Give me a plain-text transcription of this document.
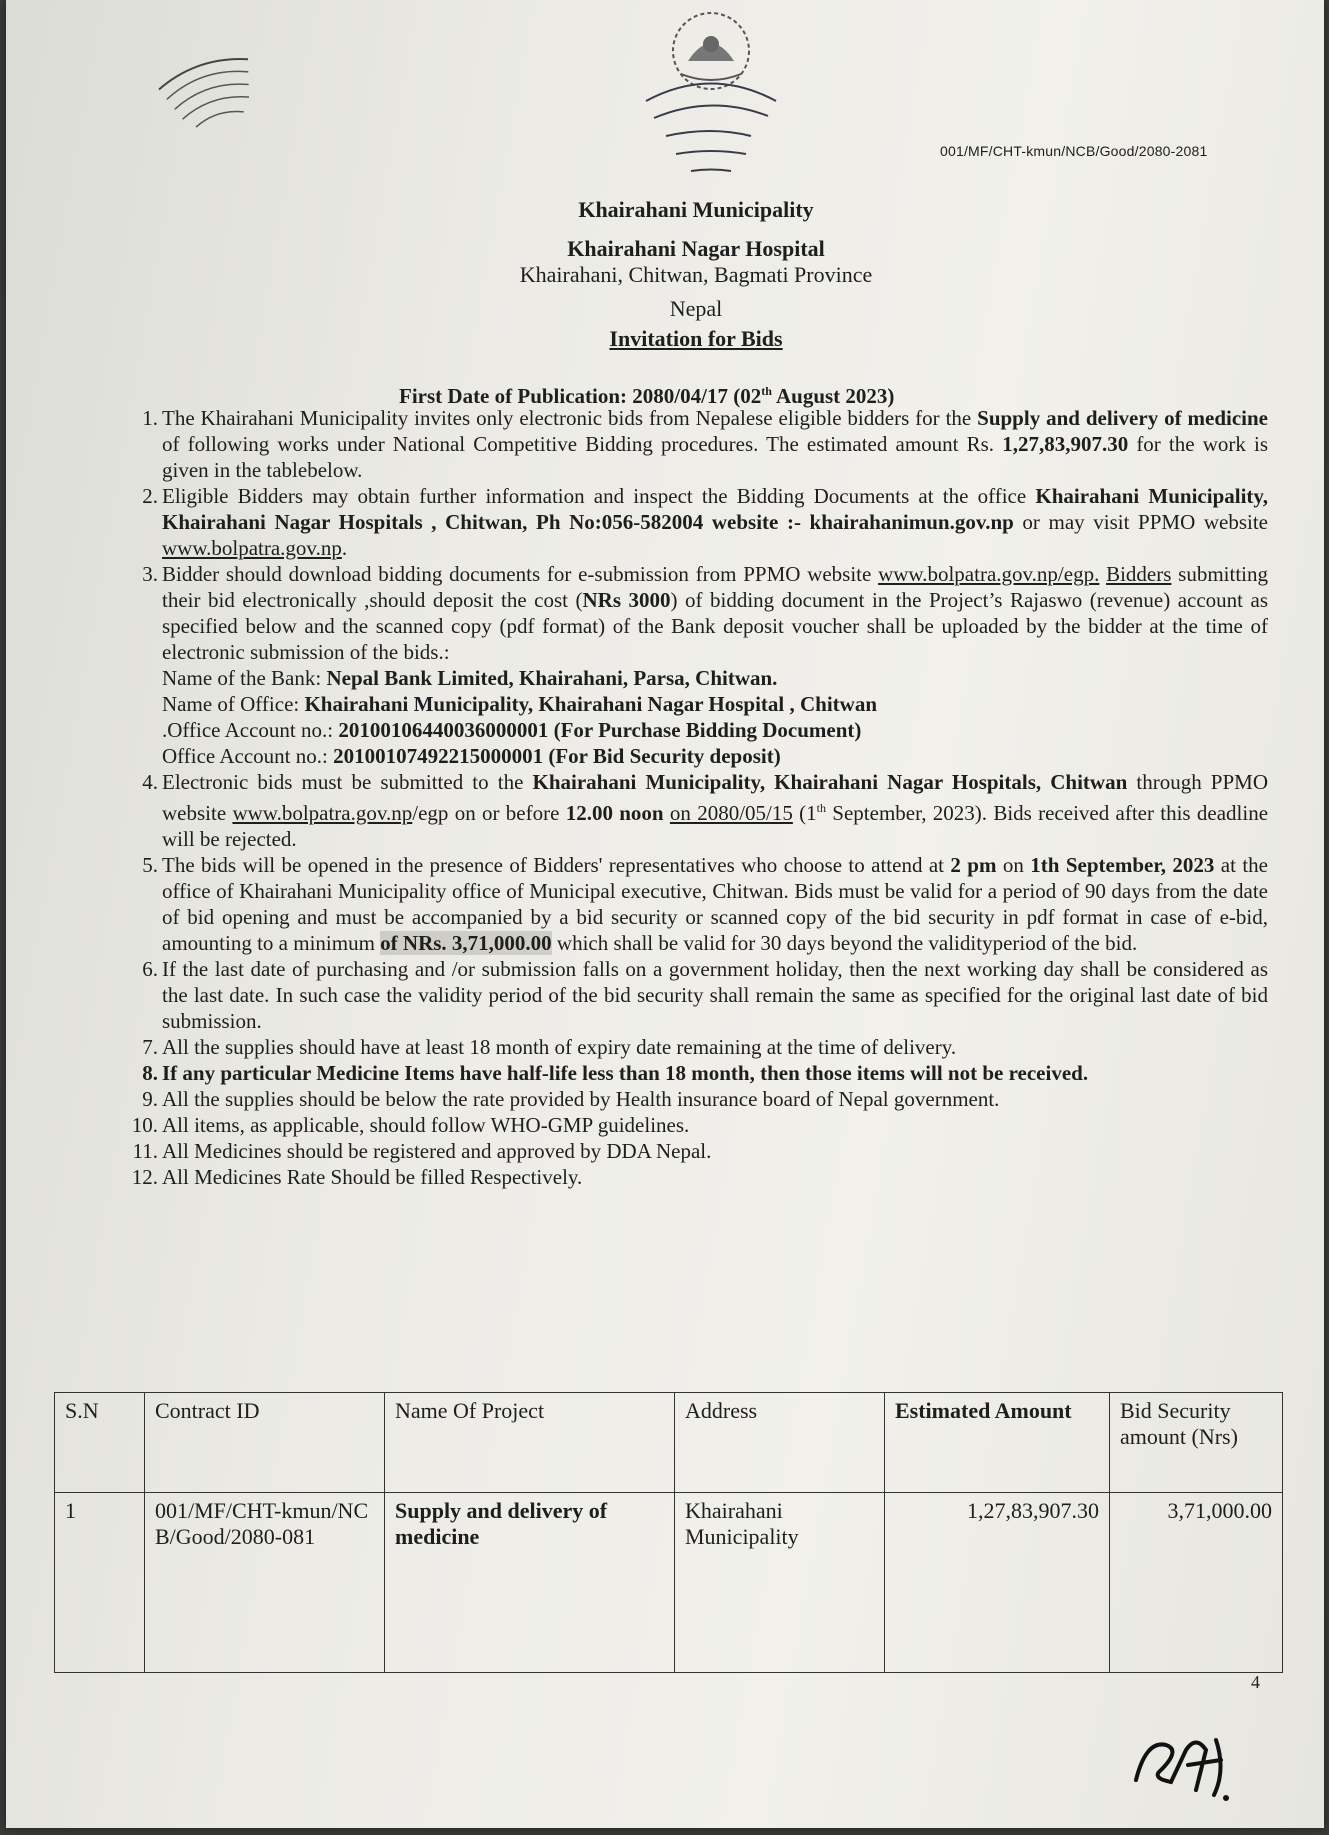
001/MF/CHT-kmun/NCB/Good/2080-2081
Khairahani Municipality
Khairahani Nagar Hospital
Khairahani, Chitwan, Bagmati Province
Nepal
Invitation for Bids
First Date of Publication: 2080/04/17 (02th August 2023)
1. The Khairahani Municipality invites only electronic bids from Nepalese eligible bidders for the Supply and delivery of medicine of following works under National Competitive Bidding procedures. The estimated amount Rs. 1,27,83,907.30 for the work is given in the tablebelow.
2. Eligible Bidders may obtain further information and inspect the Bidding Documents at the office Khairahani Municipality, Khairahani Nagar Hospitals , Chitwan, Ph No:056-582004 website :- khairahanimun.gov.np or may visit PPMO website www.bolpatra.gov.np.
3. Bidder should download bidding documents for e-submission from PPMO website www.bolpatra.gov.np/egp. Bidders submitting their bid electronically ,should deposit the cost (NRs 3000) of bidding document in the Project’s Rajaswo (revenue) account as specified below and the scanned copy (pdf format) of the Bank deposit voucher shall be uploaded by the bidder at the time of electronic submission of the bids.:
Name of the Bank: Nepal Bank Limited, Khairahani, Parsa, Chitwan.
Name of Office: Khairahani Municipality, Khairahani Nagar Hospital , Chitwan
.Office Account no.: 20100106440036000001 (For Purchase Bidding Document)
Office Account no.: 20100107492215000001 (For Bid Security deposit)
4. Electronic bids must be submitted to the Khairahani Municipality, Khairahani Nagar Hospitals, Chitwan through PPMO website www.bolpatra.gov.np/egp on or before 12.00 noon on 2080/05/15 (1th September, 2023). Bids received after this deadline will be rejected.
5. The bids will be opened in the presence of Bidders' representatives who choose to attend at 2 pm on 1th September, 2023 at the office of Khairahani Municipality office of Municipal executive, Chitwan. Bids must be valid for a period of 90 days from the date of bid opening and must be accompanied by a bid security or scanned copy of the bid security in pdf format in case of e-bid, amounting to a minimum of NRs. 3,71,000.00 which shall be valid for 30 days beyond the validityperiod of the bid.
6. If the last date of purchasing and /or submission falls on a government holiday, then the next working day shall be considered as the last date. In such case the validity period of the bid security shall remain the same as specified for the original last date of bid submission.
7. All the supplies should have at least 18 month of expiry date remaining at the time of delivery.
8. If any particular Medicine Items have half-life less than 18 month, then those items will not be received.
9. All the supplies should be below the rate provided by Health insurance board of Nepal government.
10. All items, as applicable, should follow WHO-GMP guidelines.
11. All Medicines should be registered and approved by DDA Nepal.
12. All Medicines Rate Should be filled Respectively.
S.N	Contract ID	Name Of Project	Address	Estimated Amount	Bid Security amount (Nrs)
1	001/MF/CHT-kmun/NCB/Good/2080-081	Supply and delivery of medicine	Khairahani Municipality	1,27,83,907.30	3,71,000.00
4
